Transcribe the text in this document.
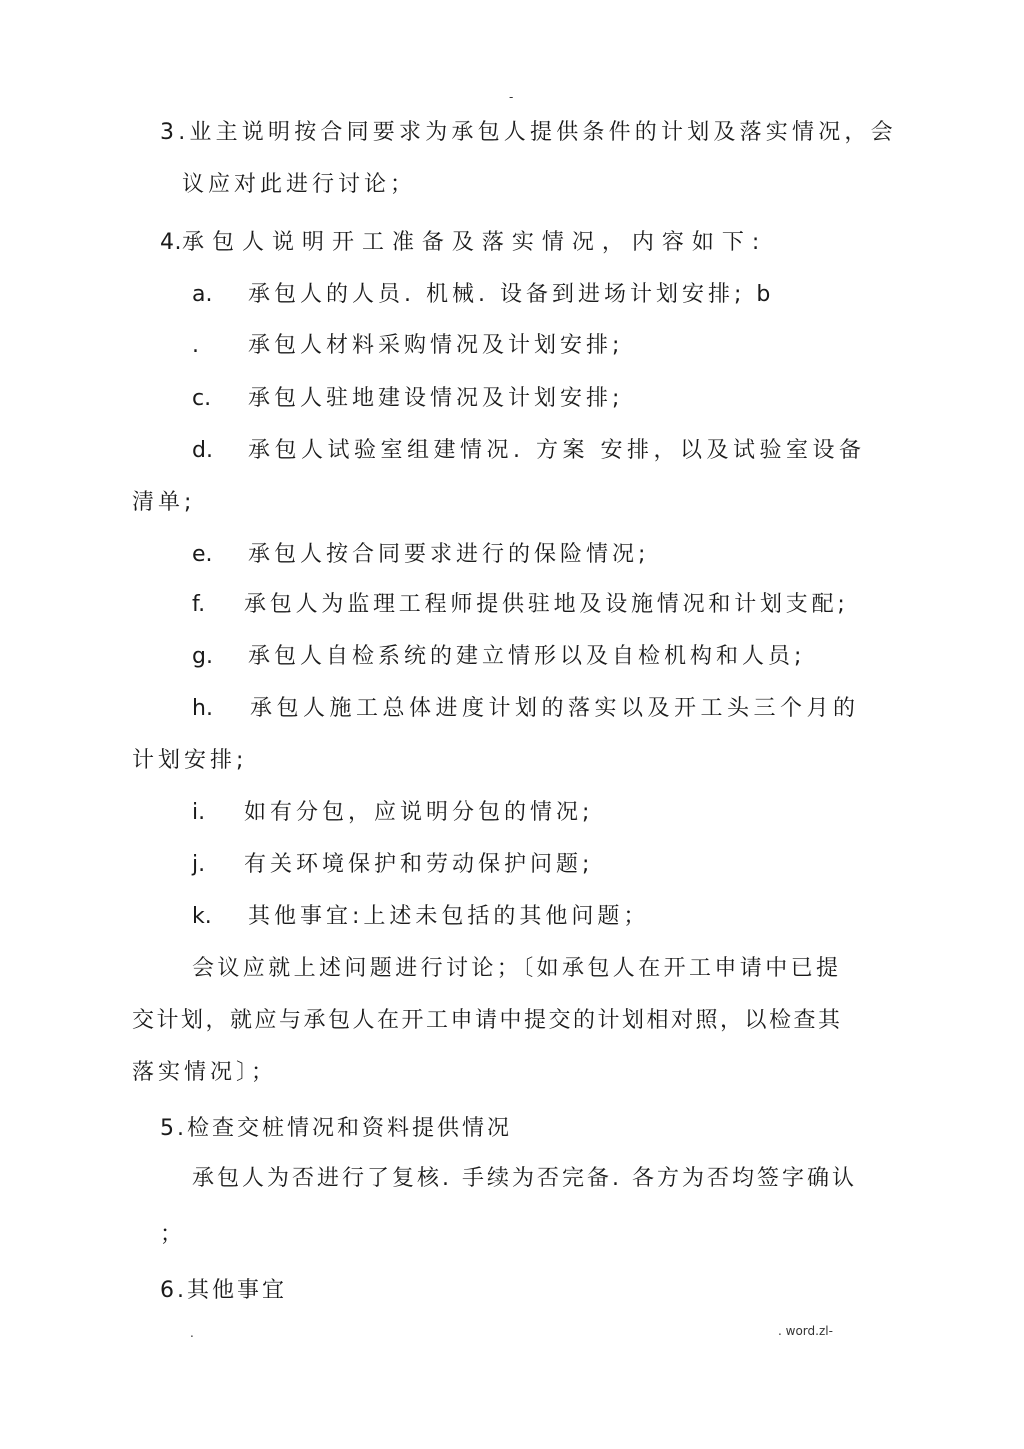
-
3.业主说明按合同要求为承包人提供条件的计划及落实情况，会
议应对此进行讨论；
4.承 包 人 说 明 开 工 准 备 及 落 实 情 况 ， 内 容 如 下 :
a. 承包人的人员. 机械. 设备到进场计划安排; b
. 承包人材料采购情况及计划安排;
c. 承包人驻地建设情况及计划安排;
d. 承包人试验室组建情况. 方案 安排，以及试验室设备
清单;
e. 承包人按合同要求进行的保险情况;
f. 承包人为监理工程师提供驻地及设施情况和计划支配;
g. 承包人自检系统的建立情形以及自检机构和人员;
h. 承包人施工总体进度计划的落实以及开工头三个月的
计划安排;
i. 如有分包，应说明分包的情况;
j. 有关环境保护和劳动保护问题;
k. 其他事宜:上述未包括的其他问题；
会议应就上述问题进行讨论；〔如承包人在开工申请中已提
交计划，就应与承包人在开工申请中提交的计划相对照，以检查其
落实情况〕；
5.检查交桩情况和资料提供情况
承包人为否进行了复核. 手续为否完备. 各方为否均签字确认
；
6.其他事宜
.	. word.zl-
